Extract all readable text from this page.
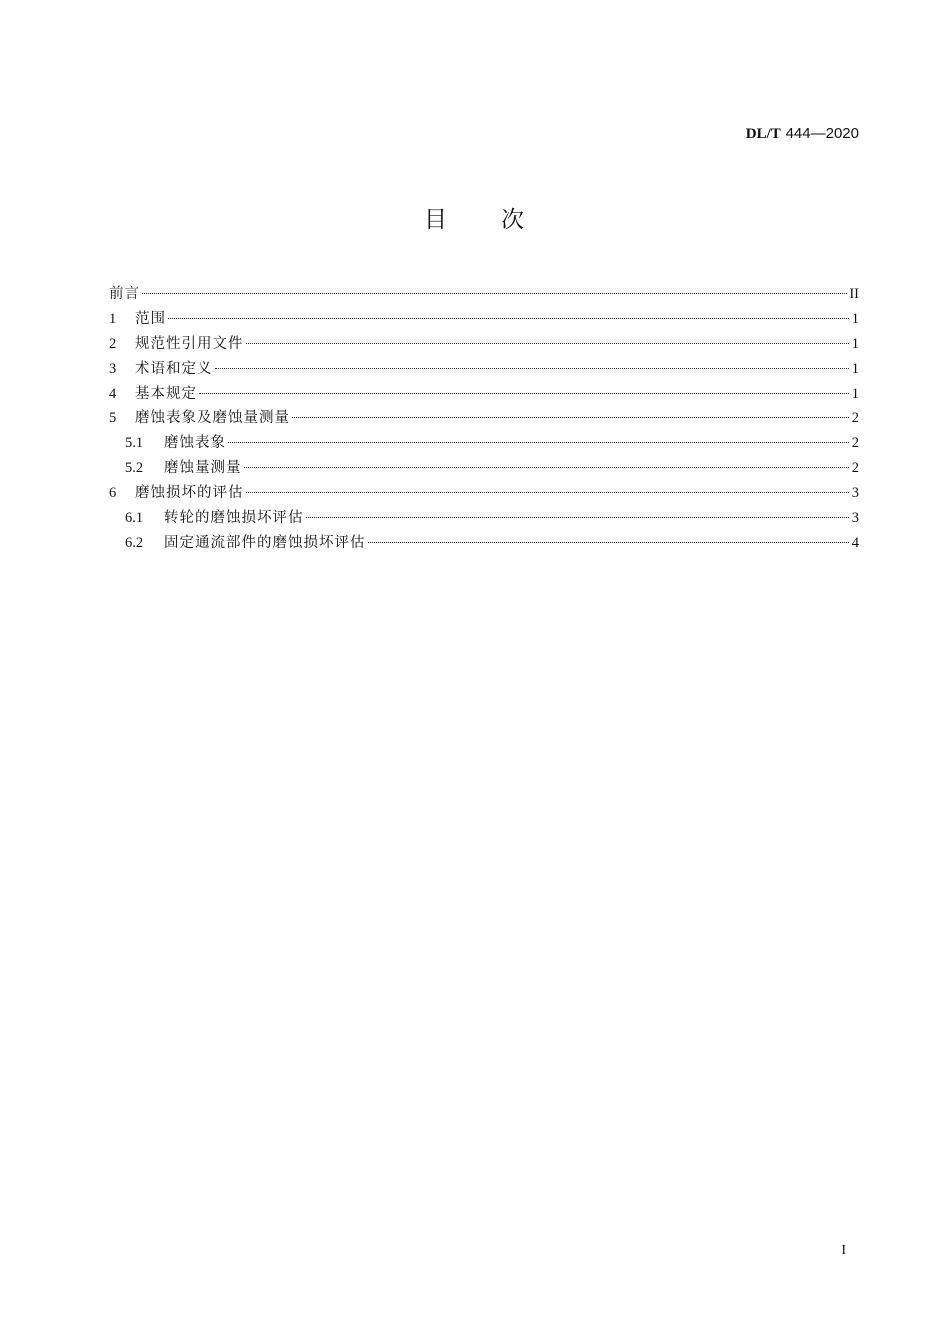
DL/T 444—2020
目 次
前言	II
1	范围	1
2	规范性引用文件	1
3	术语和定义	1
4	基本规定	1
5	磨蚀表象及磨蚀量测量	2
5.1	磨蚀表象	2
5.2	磨蚀量测量	2
6	磨蚀损坏的评估	3
6.1	转轮的磨蚀损坏评估	3
6.2	固定通流部件的磨蚀损坏评估	4
I
